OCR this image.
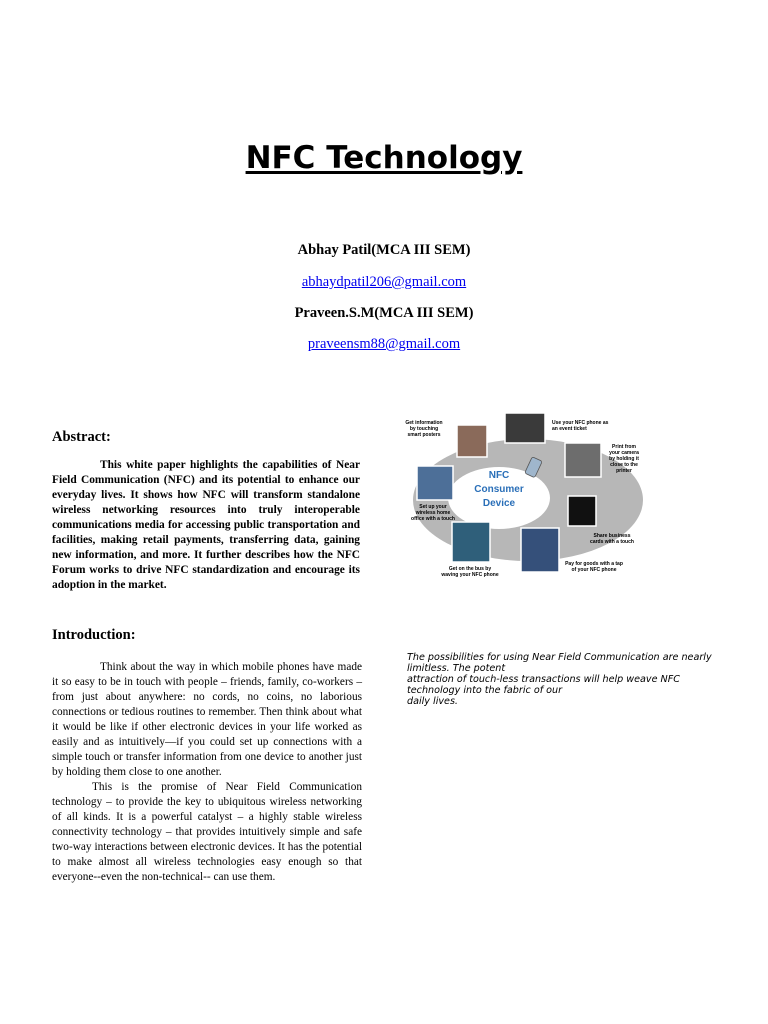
NFC Technology
Abhay Patil(MCA III SEM)
abhaydpatil206@gmail.com
Praveen.S.M(MCA III SEM)
praveensm88@gmail.com
Abstract:
This white paper highlights the capabilities of Near Field Communication (NFC) and its potential to enhance our everyday lives. It shows how NFC will transform standalone wireless networking resources into truly interoperable communications media for accessing public transportation and facilities, making retail payments, transferring data, gaining new information, and more. It further describes how the NFC Forum works to drive NFC standardization and encourage its adoption in the market.
Introduction:

Think about the way in which mobile phones have made it so easy to be in touch with people – friends, family, co-workers – from just about anywhere: no cords, no coins, no laborious connections or tedious routines to remember. Then think about what it would be like if other electronic devices in your life worked as easily and as intuitively—if you could set up connections with a simple touch or transfer information from one device to another just by holding them close to one another.

This is the promise of Near Field Communication technology – to provide the key to ubiquitous wireless networking of all kinds. It is a powerful catalyst – a highly stable wireless connectivity technology – that provides intuitively simple and safe two-way interactions between electronic devices. It has the potential to make almost all wireless technologies easy enough so that everyone--even the non-technical-- can use them.

NFC
Consumer
Device
Get information
by touching
smart posters
Use your NFC phone as
an event ticket
Print from
your camera
by holding it
close to the
printer
Set up your
wireless home
office with a touch
Share business
cards with a touch
Get on the bus by
waving your NFC phone
Pay for goods with a tap
of your NFC phone
The possibilities for using Near Field Communication are nearly
limitless. The potent
attraction of touch-less transactions will help weave NFC
technology into the fabric of our
daily lives.
